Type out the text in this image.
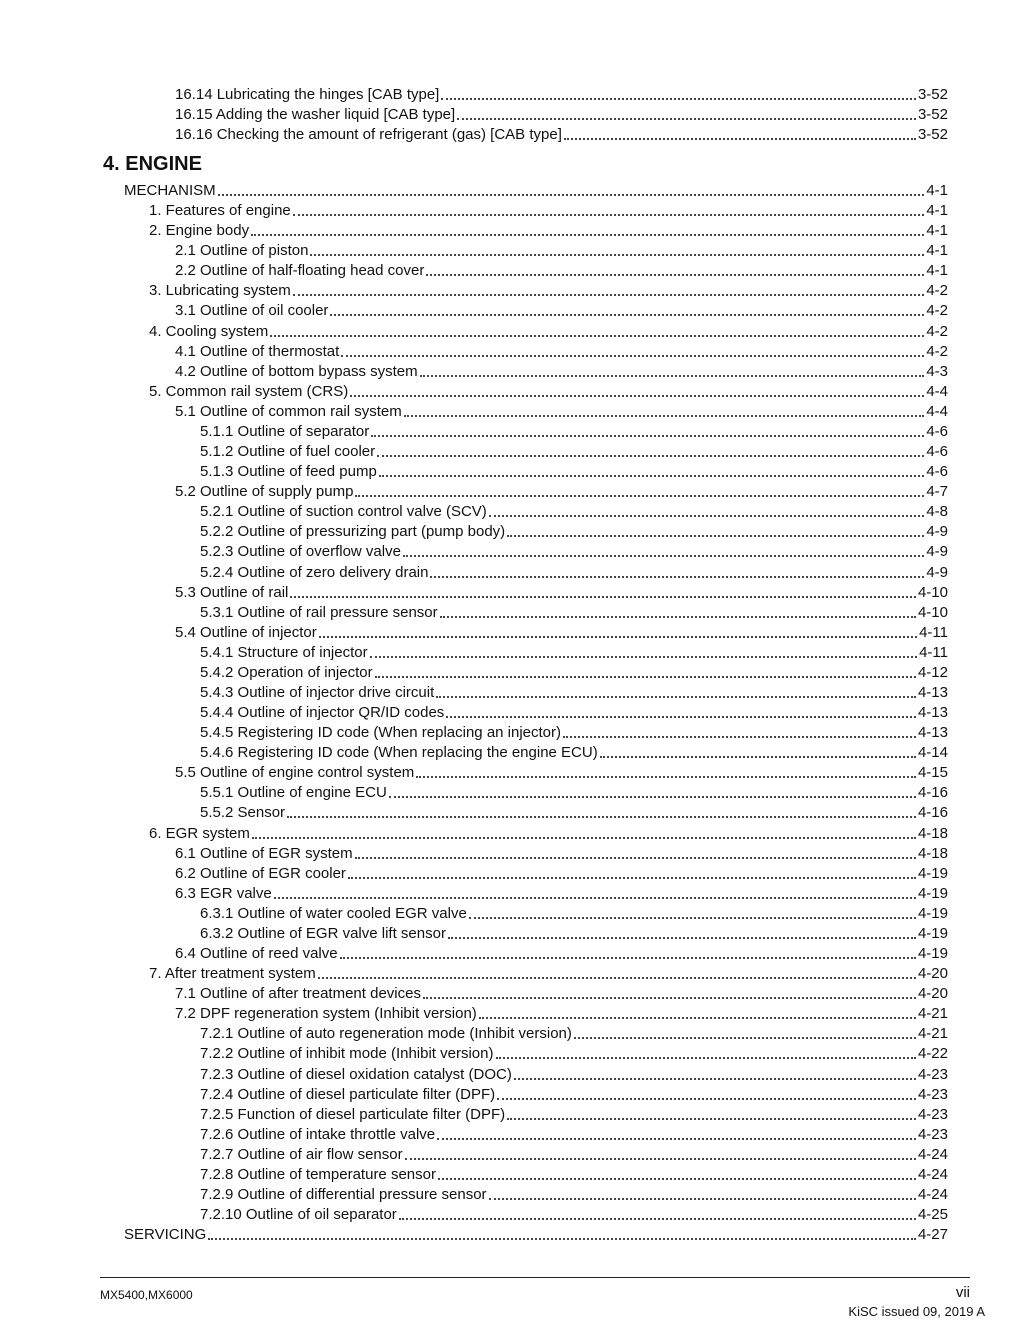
16.14 Lubricating the hinges [CAB type]	3-52
16.15 Adding the washer liquid [CAB type]	3-52
16.16 Checking the amount of refrigerant (gas) [CAB type]	3-52
MECHANISM	4-1
1. Features of engine	4-1
2. Engine body	4-1
2.1 Outline of piston	4-1
2.2 Outline of half-floating head cover	4-1
3. Lubricating system	4-2
3.1 Outline of oil cooler	4-2
4. Cooling system	4-2
4.1 Outline of thermostat	4-2
4.2 Outline of bottom bypass system	4-3
5. Common rail system (CRS)	4-4
5.1 Outline of common rail system	4-4
5.1.1 Outline of separator	4-6
5.1.2 Outline of fuel cooler	4-6
5.1.3 Outline of feed pump	4-6
5.2 Outline of supply pump	4-7
5.2.1 Outline of suction control valve (SCV)	4-8
5.2.2 Outline of pressurizing part (pump body)	4-9
5.2.3 Outline of overflow valve	4-9
5.2.4 Outline of zero delivery drain	4-9
5.3 Outline of rail	4-10
5.3.1 Outline of rail pressure sensor	4-10
5.4 Outline of injector	4-11
5.4.1 Structure of injector	4-11
5.4.2 Operation of injector	4-12
5.4.3 Outline of injector drive circuit	4-13
5.4.4 Outline of injector QR/ID codes	4-13
5.4.5 Registering ID code (When replacing an injector)	4-13
5.4.6 Registering ID code (When replacing the engine ECU)	4-14
5.5 Outline of engine control system	4-15
5.5.1 Outline of engine ECU	4-16
5.5.2 Sensor	4-16
6. EGR system	4-18
6.1 Outline of EGR system	4-18
6.2 Outline of EGR cooler	4-19
6.3 EGR valve	4-19
6.3.1 Outline of water cooled EGR valve	4-19
6.3.2 Outline of EGR valve lift sensor	4-19
6.4 Outline of reed valve	4-19
7. After treatment system	4-20
7.1 Outline of after treatment devices	4-20
7.2 DPF regeneration system (Inhibit version)	4-21
7.2.1 Outline of auto regeneration mode (Inhibit version)	4-21
7.2.2 Outline of inhibit mode (Inhibit version)	4-22
7.2.3 Outline of diesel oxidation catalyst (DOC)	4-23
7.2.4 Outline of diesel particulate filter (DPF)	4-23
7.2.5 Function of diesel particulate filter (DPF)	4-23
7.2.6 Outline of intake throttle valve	4-23
7.2.7 Outline of air flow sensor	4-24
7.2.8 Outline of temperature sensor	4-24
7.2.9 Outline of differential pressure sensor	4-24
7.2.10 Outline of oil separator	4-25
SERVICING	4-27
4. ENGINE
MX5400,MX6000	vii
KiSC issued 09, 2019 A
